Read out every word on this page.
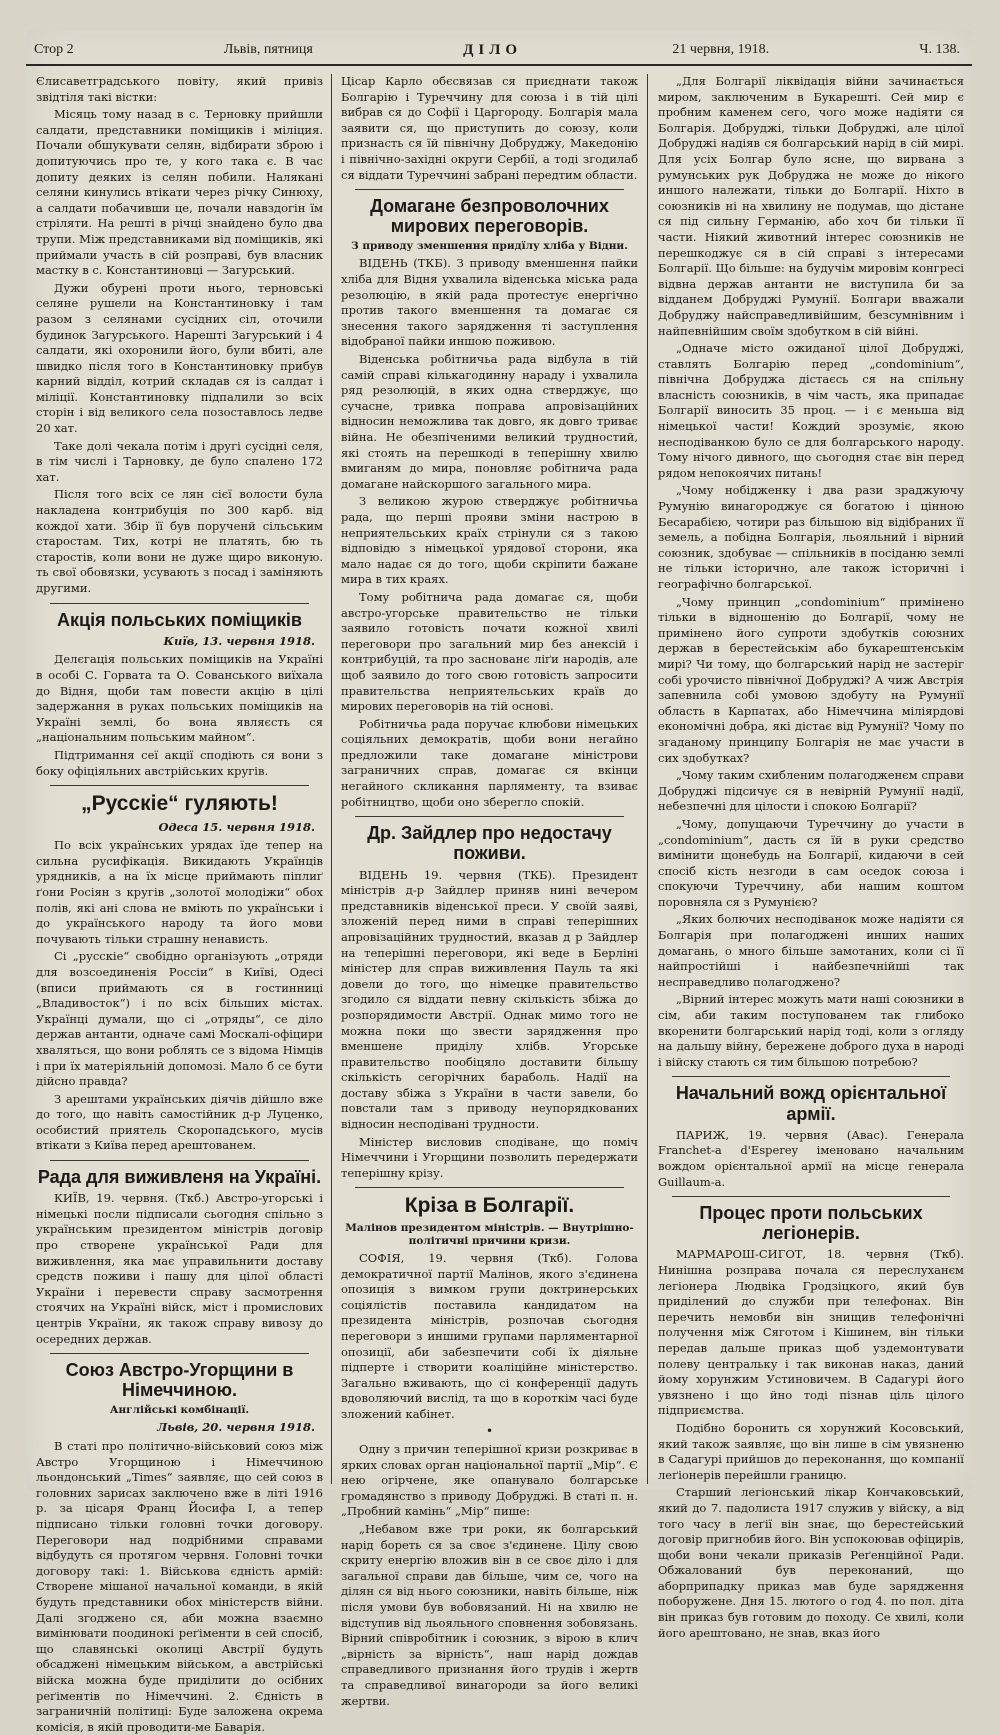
Стор 2	Львів, пятниця	ДІЛО	21 червня, 1918.	Ч. 138.

Єлисаветградського повіту, який привіз звідтіля такі вістки:

Місяць тому назад в с. Терновку прийшли салдати, представники поміщиків і міліция. Почали обшукувати селян, відбирати зброю і допитуючись про те, у кого така є. В час допиту деяких із селян побили. Налякані селяни кинулись втікати через річку Синюху, а салдати побачивши це, почали навздогін їм стріляти. На решті в річці знайдено було два трупи. Між представниками від поміщиків, які приймали участь в сій розправі, був власник мастку в с. Константиновці — Загурський.

Дужи обурені проти нього, терновські селяне рушели на Константиновку і там разом з селянами сусідних сіл, оточили будинок Загурського. Нарешті Загурський і 4 салдати, які охоронили його, були вбиті, але швидко після того в Константиновку прибув карний відділ, котрий складав ся із салдат і міліції. Константиновку підпалили зо всіх сторін і від великого села позоставлось ледве 20 хат.

Таке долі чекала потім і другі сусідні селя, в тім числі і Тарновку, де було спалено 172 хат.

Після того всіх се лян сієї волости була накладена контрибуція по 300 карб. від кождої хати. Збір її був порученй сільським старостам. Тих, котрі не платять, бю ть старостів, коли вони не дуже щиро виконую. ть свої обовязки, усувають з посад і заміняють другими.

Акція польських поміщиків
Київ, 13. червня 1918.

Делєгація польських поміщиків на Україні в особі С. Горвата та О. Сованського виїхала до Відня, щоби там повести акцію в цілі задержання в руках польських поміщиків на Україні землі, бо вона являєсть ся „національним польським майном“.

Підтримання сеї акції сподіють ся вони з боку офіціяльних австрійських кругів.

„Русскіе“ гуляють!
Одеса 15. червня 1918.

По всіх українських урядах їде тепер на сильна русифікація. Викидають Українців урядників, а на їх місце приймають піплиґ ґони Росіян з кругів „золотої молодіжи“ обох полів, які ані слова не вміють по українськи і до українського народу та його мови почувають тільки страшну ненависть.

Сі „русскіе“ свобідно організують „отряди для возсоединенія Россіи“ в Київі, Одесі (вписи приймають ся в гостинниці „Владивосток“) і по всіх більших містах. Українці думали, що сі „отряды“, се діло держав антанти, одначе самі Москалі-офіцири хваляться, що вони роблять се з відома Німців і при їх матеріяльній допомозі. Мало б се бути дійсно правда?

З арештами українських діячів дійшло вже до того, що навіть самостійник д-р Луценко, особистий приятель Скоропадського, мусів втікати з Київа перед арештованем.

Рада для виживленя на Україні.

КИЇВ, 19. червня. (Ткб.) Австро-угорські і німецькі посли підписали сьогодня спільно з українським президентом міністрів договір про створене української Ради для виживлення, яка має управильнити доставу средств поживи і пашу для цілої області України і перевести справу засмотрення стоячих на Україні війск, міст і промислових центрів України, як також справу вивозу до осередних держав.

Союз Австро-Угорщини в Німеччиною.
Англійські комбінації.
Львів, 20. червня 1918.

В статі про політично-військовий союз між Австро Угорщиною і Німеччиною льондонський „Times“ заявляє, що сей союз в головних зарисах заключено вже в літі 1916 р. за цісаря Франц Йосифа І, а тепер підписано тільки головні точки договору. Переговори над подрібними справами відбудуть ся протягом червня. Головні точки договору такі: 1. Військова єдність армій: Створене мішаної начальної команди, в якій будуть представники обох міністерств війни. Далі згоджено ся, аби можна взаємно вимінювати поодинокі реґіменти в сей спосіб, що славянські околиці Австрії будуть обсаджені німецьким військом, а австрійські війска можна буде приділити до осібних реґіментів по Німеччині. 2. Єдність в заграничній політиці: Буде заложена окрема комісія, в якій проводити-ме Баварія.

Цісар Карло обєсвязав ся приєднати також Болгарію і Туреччину для союза і в тій цілі вибрав ся до Софії і Царгороду. Болгарія мала заявити ся, що приступить до союзу, коли признасть ся їй північну Добруджу, Македонію і північно-західні округи Сербії, а тоді згодилаб ся віддати Туреччині забрані передтим области.

Домагане безпроволочних мирових переговорів.
З приводу зменшення придїлу хліба у Відни.

ВІДЕНЬ (ТКБ). З приводу вменшення пайки хліба для Відня ухвалила віденська міська рада резолюцію, в якій рада протестує енергічно против такого вменшення та домагає ся знесення такого зарядження ті заступлення відобраної пайки иншою поживою.

Віденська робітничьа рада відбула в тій самій справі кількагодинну нараду і ухвалила ряд резолюцій, в яких одна стверджує, що сучасне, тривка поправа апровізаційних відносин неможлива так довго, як довго триває війна. Не обезпіченими великий трудностий, які стоять на перешкоді в теперішну хвилю вмиганям до мира, поновляє робітнича рада домагане найскоршого загального мира.

З великою журою стверджує робітничьа рада, що перші прояви зміни настрою в неприятельських країх стрінули ся з такою відповідю з німецької урядової сторони, яка мало надає ся до того, щоби скріпити бажане мира в тих краях.

Тому робітнича рада домагає ся, щоби австро-угорське правительство не тільки заявило готовість почати кожної хвилі переговори про загальний мир без анексій і контрибуцій, та про заснованє ліґи народів, але щоб заявило до того свою готовість запросити правительства неприятельських країв до мирових переговорів на тій основі.

Робітничьа рада поручає клюбови німецьких соціяльних демократів, щоби вони негайно предложили таке домагане міністрови заграничних справ, домагає ся вкінци негайного скликання парляменту, та взиває робітництво, щоби оно зберегло спокій.

Др. Зайдлер про недостачу поживи.

ВІДЕНЬ 19. червня (ТКБ). Президент міністрів д-р Зайдлер приняв нині вечером представників віденської преси. У своїй заяві, зложеній перед ними в справі теперішних апровізаційних трудностий, вказав д р Зайдлер на теперішні переговори, які веде в Берліні міністер для справ виживлення Пауль та які довели до того, що німецке правительство згодило ся віддати певну скількість збіжа до розпорядимости Австрії. Однак мимо того не можна поки що звести зарядження про вменшене приділу хлібв. Угорське правительство пообіцяло доставити більшу скількість сегорічних бараболь. Надії на доставу збіжа з України в части завели, бо повстали там з приводу неупорядкованих відносин несподівані трудности.

Міністер висловив сподіване, що поміч Німеччини і Угорщини позволить передержати теперішну крізу.

Кріза в Болгарії.
Малінов президентом міністрів. — Внутрішно-політичні причини кризи.

СОФІЯ, 19. червня (Ткб). Голова демократичної партії Малінов, якого з'єдинена опозиція з вимком групи доктринерських соціялістів поставила кандидатом на президента міністрів, розпочав сьогодня переговори з иншими групами парляментарної опозиції, аби забезпечити собі їх діяльне підперте і створити коаліційне міністерство. Загально вживають, що сі конференції дадуть вдоволяючий вислід, та що в короткім часі буде зложений кабінет.

•

Одну з причин теперішної кризи розкриває в ярких словах орган національної партії „Мір“. Є нею огірчене, яке опанувало болгарське громадянство з приводу Добруджі. В статі п. н. „Пробний камінь“ „Мір“ пише:

„Небавом вже три роки, як болгарський нарід бореть ся за своє з'єдинене. Цілу свою скриту енергію вложив він в се своє діло і для загальної справи дав більше, чим се, чого на ділян ся від нього союзники, навіть більше, ніж після умови був вобовязаний. Ні на хвилю не відступив від льояльного сповнення зобовязань. Вірний співробітник і союзник, з вірою в клич „вірність за вірність“, наш нарід дождав справедливого признання його трудів і жертв та справедливої винагороди за його великі жертви.

„Для Болгарії ліквідація війни зачинається миром, заключеним в Букарешті. Сей мир є пробним каменем сего, чого може надіяти ся Болгарія. Добруджі, тільки Добруджі, але цілої Добруджі надіяв ся болгарський нарід в сій мирі. Для усіх Болгар було ясне, що вирвана з румунських рук Добруджа не може до нікого иншого належати, тільки до Болгарії. Ніхто в союзників ні на хвилину не подумав, що дістане ся під сильну Германію, або хоч би тільки її части. Ніякий животний інтерес союзників не перешкоджує ся в сій справі з інтересами Болгарії. Що більше: на будучім мировім конгресі відвна держав антанти не виступила би за відданем Добруджі Румунії. Болгари вважали Добруджу найсправедливійшим, безсумнівним і найпевнійшим своїм здобутком в сій війні.

„Одначе місто ожиданої цілої Добруджі, ставлять Болгарію перед „condominium“, північна Добруджа дістаєсь ся на спільну власність союзників, в чім часть, яка припадає Болгарії виносить 35 проц. — і є меньша від німецької части! Кождий зрозуміє, якою несподіванкою було се для болгарського народу. Тому нічого дивного, що сьогодня стає він перед рядом непокоячих питань!

„Чому нобідженку і два рази зраджуючу Румунію винагороджує ся богатою і цінною Бесарабією, чотири раз більшою від відібраних її земель, а побідна Болгарія, льояльний і вірний союзник, здобуває — спільників в посіданю землі не тільки історично, але також історичні і географічно болгарської.

„Чому принцип „condominium“ примінено тільки в відношенію до Болгарії, чому не примінено його супроти здобутків союзних держав в берестейськім або букарештенськім мирі? Чи тому, що болгарський нарід не застеріг собі урочисто північної Добруджі? А чиж Австрія запевнила собі умовою здобуту на Румунії область в Карпатах, або Німеччина міліярдові економічні добра, які дістає від Румунії? Чому по згаданому принципу Болгарія не має участи в сих здобутках?

„Чому таким схибленим полагодженєм справи Добруджі підсичує ся в невірній Румунії надії, небезпечні для цілости і спокою Болгарії?

„Чому, допущаючи Туреччину до участи в „condominium“, дасть ся їй в руки средство вимінити щонебудь на Болгарії, кидаючи в сей спосіб кість незгоди в сам оседок союза і спокуючи Туреччину, аби нашим коштом поровняла ся з Румунією?

„Яких болючих несподіванок може надіяти ся Болгарія при полагоджені инших наших домагань, о много більше замотаних, коли сі її найпростійші і найбезпечнійші так несправедливо полагоджено?

„Вірний інтерес можуть мати наші союзники в сім, аби таким поступованем так глибоко вкоренити болгарський нарід тоді, коли з огляду на дальшу війну, бережене доброго духа в народі і війску стають ся тим більшою потребою?

Начальний вожд орієнтальної армії.

ПАРИЖ, 19. червня (Авас). Генерала Franchet-a d'Esperey іменовано начальним вождом орієнтальної армії на місце генерала Guillaum-a.

Процес проти польських легіонерів.

МАРМАРОШ-СИГОТ, 18. червня (Ткб). Нинішна розправа почала ся переслуханєм легіонера Людвіка Гродзіцкого, який був приділений до служби при телефонах. Він перечить немовби він знищив телефонічні получення між Сяготом і Кішинем, він тільки передав дальше приказ щоб уздемонтувати полеву центральку і так виконав наказ, даний йому хорунжим Устиновичем. В Садагурі його увязнено і що йно тоді пізнав ціль цілого підприємства.

Подібно боронить ся хорунжий Косовський, який також заявляє, що він лише в сім увязненю в Садагурі прийшов до переконання, що компанії леґіонерів перейшли границю.

Старший легіонський лікар Кончаковський, який до 7. падолиста 1917 служив у війску, а від того часу в леґії він знає, що берестейський договір пригнобив його. Він успокоював офіцирів, щоби вони чекали приказів Реґенційної Ради. Обжалований був переконаний, що аборприпадку приказ мав буде зарядження поборужене. Дня 15. лютого о год 4. по пол. діта він приказ був готовим до походу. Се хвилі, коли його арештовано, не знав, вказ його
